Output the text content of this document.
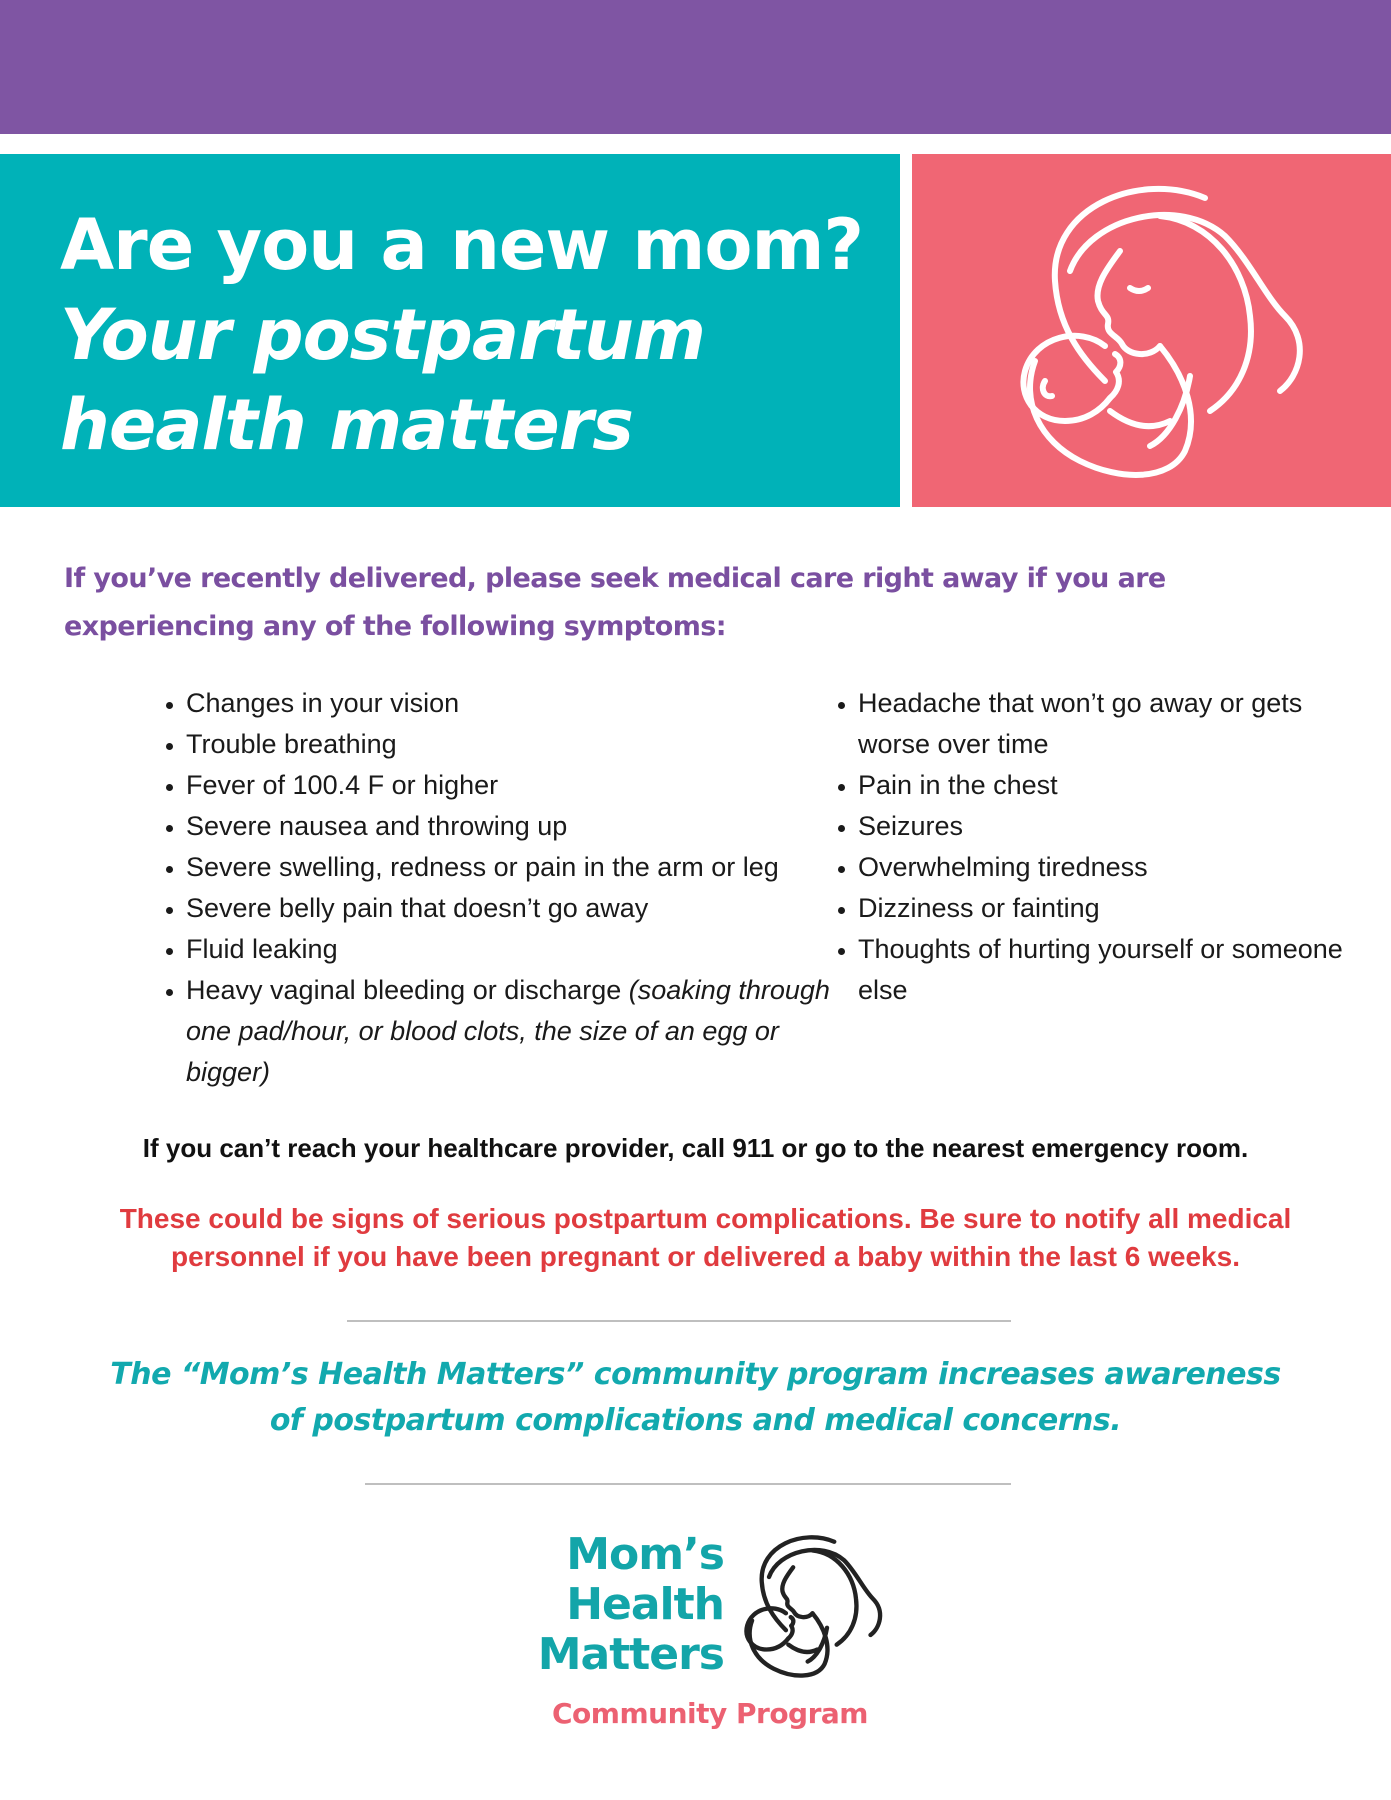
Are you a new mom?
Your postpartum
health matters

If you’ve recently delivered, please seek medical care right away if you are experiencing any of the following symptoms:

• Changes in your vision
• Trouble breathing
• Fever of 100.4 F or higher
• Severe nausea and throwing up
• Severe swelling, redness or pain in the arm or leg
• Severe belly pain that doesn’t go away
• Fluid leaking
• Heavy vaginal bleeding or discharge (soaking through one pad/hour, or blood clots, the size of an egg or bigger)
• Headache that won’t go away or gets worse over time
• Pain in the chest
• Seizures
• Overwhelming tiredness
• Dizziness or fainting
• Thoughts of hurting yourself or someone else

If you can’t reach your healthcare provider, call 911 or go to the nearest emergency room.

These could be signs of serious postpartum complications. Be sure to notify all medical personnel if you have been pregnant or delivered a baby within the last 6 weeks.

The “Mom’s Health Matters” community program increases awareness of postpartum complications and medical concerns.

Mom’s
Health
Matters

Community Program
